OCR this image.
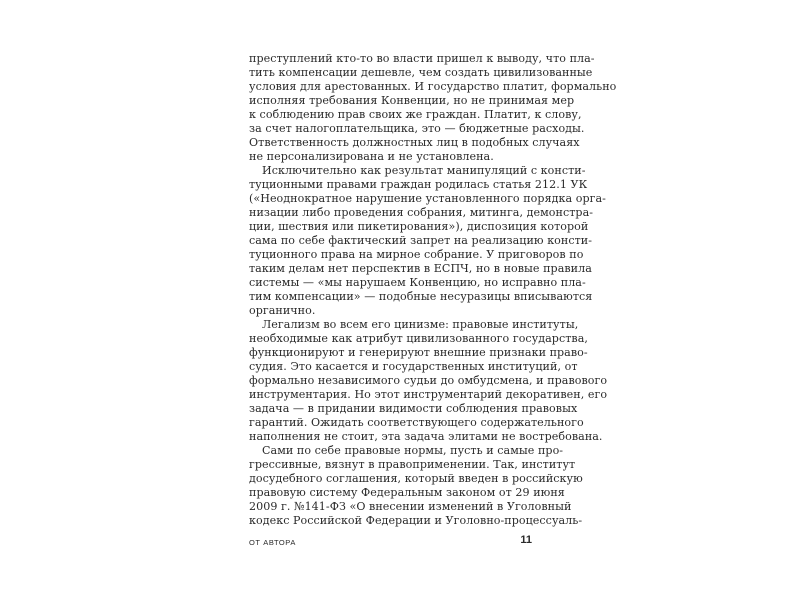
преступлений кто-то во власти пришел к выводу, что пла-
тить компенсации дешевле, чем создать цивилизованные
условия для арестованных. И государство платит, формально
исполняя требования Конвенции, но не принимая мер
к соблюдению прав своих же граждан. Платит, к слову,
за счет налогоплательщика, это — бюджетные расходы.
Ответственность должностных лиц в подобных случаях
не персонализирована и не установлена.
Исключительно как результат манипуляций с консти-
туционными правами граждан родилась статья 212.1 УК
(«Неоднократное нарушение установленного порядка орга-
низации либо проведения собрания, митинга, демонстра-
ции, шествия или пикетирования»), диспозиция которой
сама по себе фактический запрет на реализацию консти-
туционного права на мирное собрание. У приговоров по
таким делам нет перспектив в ЕСПЧ, но в новые правила
системы — «мы нарушаем Конвенцию, но исправно пла-
тим компенсации» — подобные несуразицы вписываются
органично.
Легализм во всем его цинизме: правовые институты,
необходимые как атрибут цивилизованного государства,
функционируют и генерируют внешние признаки право-
судия. Это касается и государственных институций, от
формально независимого судьи до омбудсмена, и правового
инструментария. Но этот инструментарий декоративен, его
задача — в придании видимости соблюдения правовых
гарантий. Ожидать соответствующего содержательного
наполнения не стоит, эта задача элитами не востребована.
Сами по себе правовые нормы, пусть и самые про-
грессивные, вязнут в правоприменении. Так, институт
досудебного соглашения, который введен в российскую
правовую систему Федеральным законом от 29 июня
2009 г. №141-ФЗ «О внесении изменений в Уголовный
кодекс Российской Федерации и Уголовно-процессуаль-
ОТ АВТОРА	11
